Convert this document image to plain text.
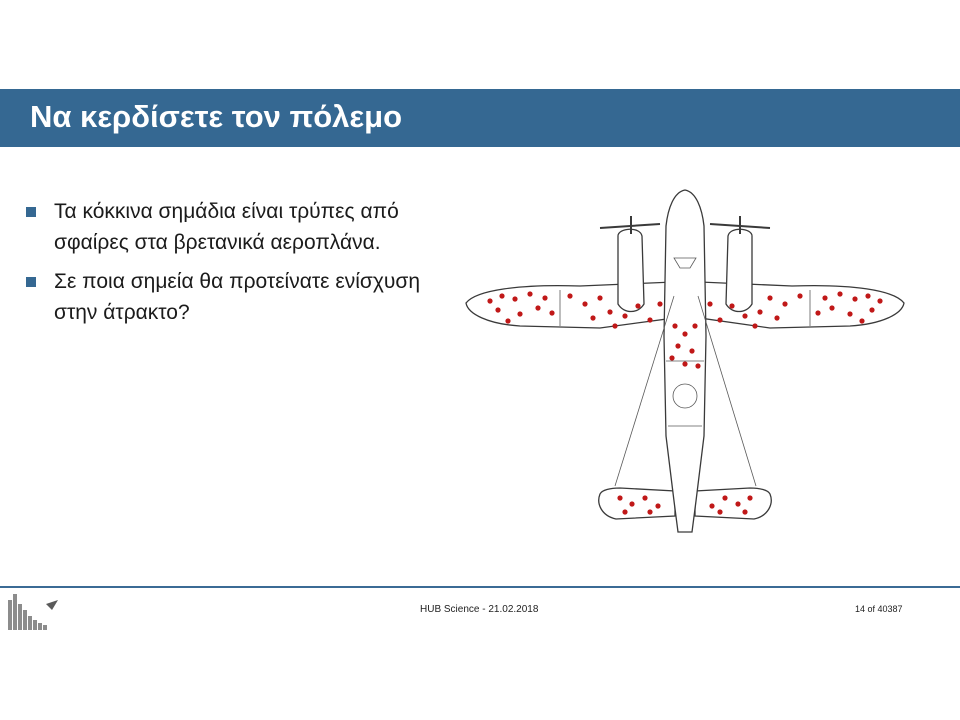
Να κερδίσετε τον πόλεμο
Τα κόκκινα σημάδια είναι τρύπες από σφαίρες στα βρετανικά αεροπλάνα.
Σε ποια σημεία θα προτείνατε ενίσχυση στην άτρακτο?
HUB Science - 21.02.2018	14 of 40387
